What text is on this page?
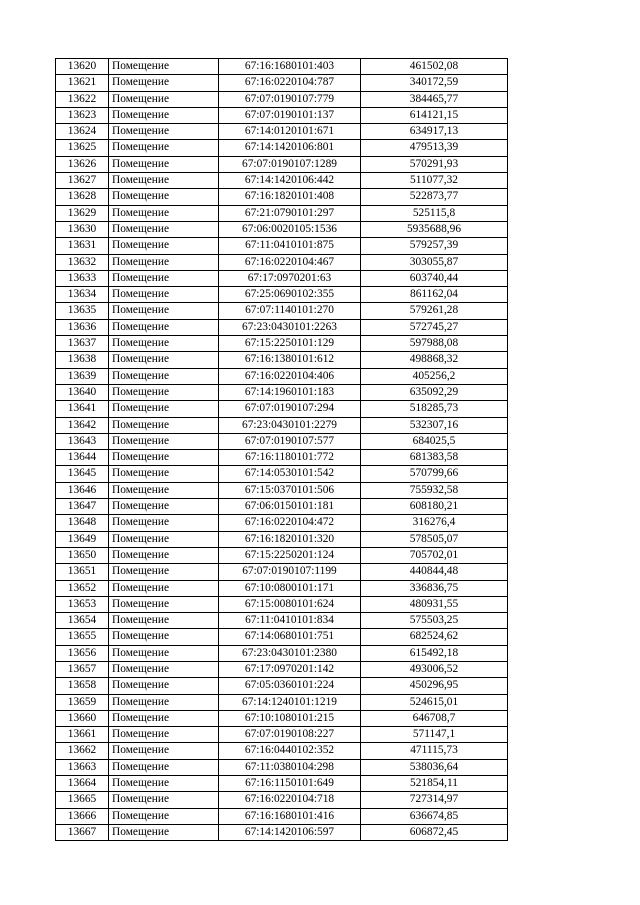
13620	Помещение	67:16:1680101:403	461502,08
13621	Помещение	67:16:0220104:787	340172,59
13622	Помещение	67:07:0190107:779	384465,77
13623	Помещение	67:07:0190101:137	614121,15
13624	Помещение	67:14:0120101:671	634917,13
13625	Помещение	67:14:1420106:801	479513,39
13626	Помещение	67:07:0190107:1289	570291,93
13627	Помещение	67:14:1420106:442	511077,32
13628	Помещение	67:16:1820101:408	522873,77
13629	Помещение	67:21:0790101:297	525115,8
13630	Помещение	67:06:0020105:1536	5935688,96
13631	Помещение	67:11:0410101:875	579257,39
13632	Помещение	67:16:0220104:467	303055,87
13633	Помещение	67:17:0970201:63	603740,44
13634	Помещение	67:25:0690102:355	861162,04
13635	Помещение	67:07:1140101:270	579261,28
13636	Помещение	67:23:0430101:2263	572745,27
13637	Помещение	67:15:2250101:129	597988,08
13638	Помещение	67:16:1380101:612	498868,32
13639	Помещение	67:16:0220104:406	405256,2
13640	Помещение	67:14:1960101:183	635092,29
13641	Помещение	67:07:0190107:294	518285,73
13642	Помещение	67:23:0430101:2279	532307,16
13643	Помещение	67:07:0190107:577	684025,5
13644	Помещение	67:16:1180101:772	681383,58
13645	Помещение	67:14:0530101:542	570799,66
13646	Помещение	67:15:0370101:506	755932,58
13647	Помещение	67:06:0150101:181	608180,21
13648	Помещение	67:16:0220104:472	316276,4
13649	Помещение	67:16:1820101:320	578505,07
13650	Помещение	67:15:2250201:124	705702,01
13651	Помещение	67:07:0190107:1199	440844,48
13652	Помещение	67:10:0800101:171	336836,75
13653	Помещение	67:15:0080101:624	480931,55
13654	Помещение	67:11:0410101:834	575503,25
13655	Помещение	67:14:0680101:751	682524,62
13656	Помещение	67:23:0430101:2380	615492,18
13657	Помещение	67:17:0970201:142	493006,52
13658	Помещение	67:05:0360101:224	450296,95
13659	Помещение	67:14:1240101:1219	524615,01
13660	Помещение	67:10:1080101:215	646708,7
13661	Помещение	67:07:0190108:227	571147,1
13662	Помещение	67:16:0440102:352	471115,73
13663	Помещение	67:11:0380104:298	538036,64
13664	Помещение	67:16:1150101:649	521854,11
13665	Помещение	67:16:0220104:718	727314,97
13666	Помещение	67:16:1680101:416	636674,85
13667	Помещение	67:14:1420106:597	606872,45
